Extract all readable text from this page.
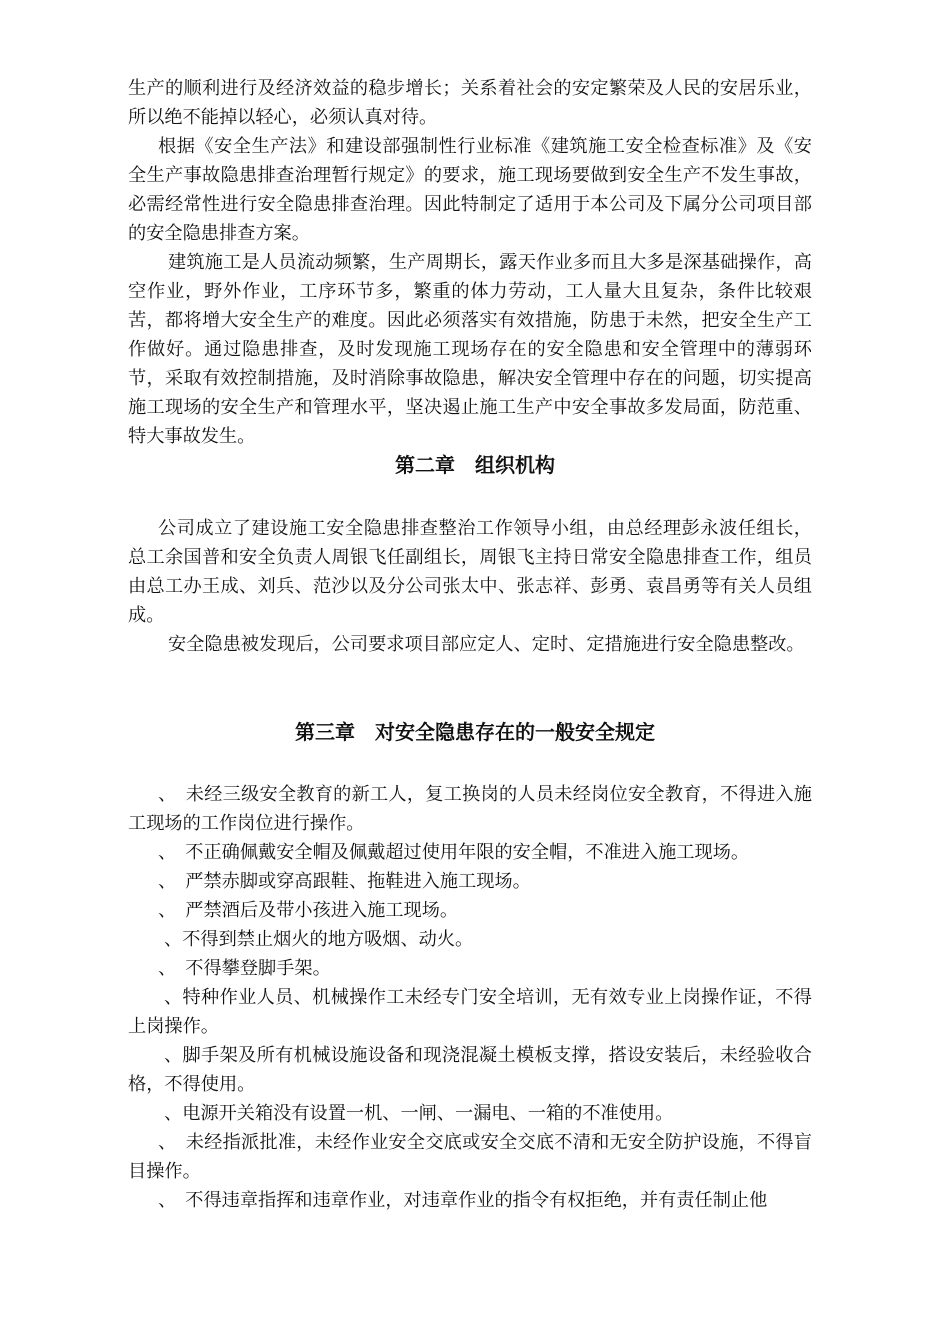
生产的顺利进行及经济效益的稳步增长；关系着社会的安定繁荣及人民的安居乐业，所以绝不能掉以轻心，必须认真对待。

根据《安全生产法》和建设部强制性行业标准《建筑施工安全检查标准》及《安全生产事故隐患排查治理暂行规定》的要求，施工现场要做到安全生产不发生事故，必需经常性进行安全隐患排查治理。因此特制定了适用于本公司及下属分公司项目部的安全隐患排查方案。

建筑施工是人员流动频繁，生产周期长，露天作业多而且大多是深基础操作，高空作业，野外作业，工序环节多，繁重的体力劳动，工人量大且复杂，条件比较艰苦，都将增大安全生产的难度。因此必须落实有效措施，防患于未然，把安全生产工作做好。通过隐患排查，及时发现施工现场存在的安全隐患和安全管理中的薄弱环节，采取有效控制措施，及时消除事故隐患，解决安全管理中存在的问题，切实提高施工现场的安全生产和管理水平，坚决遏止施工生产中安全事故多发局面，防范重、特大事故发生。

第二章　组织机构

公司成立了建设施工安全隐患排查整治工作领导小组，由总经理彭永波任组长，总工余国普和安全负责人周银飞任副组长，周银飞主持日常安全隐患排查工作，组员由总工办王成、刘兵、范沙以及分公司张太中、张志祥、彭勇、袁昌勇等有关人员组成。

安全隐患被发现后，公司要求项目部应定人、定时、定措施进行安全隐患整改。

第三章　对安全隐患存在的一般安全规定

、　未经三级安全教育的新工人，复工换岗的人员未经岗位安全教育，不得进入施工现场的工作岗位进行操作。

、　不正确佩戴安全帽及佩戴超过使用年限的安全帽，不准进入施工现场。

、　严禁赤脚或穿高跟鞋、拖鞋进入施工现场。

、　严禁酒后及带小孩进入施工现场。

、不得到禁止烟火的地方吸烟、动火。

、　不得攀登脚手架。

、特种作业人员、机械操作工未经专门安全培训，无有效专业上岗操作证，不得上岗操作。

、脚手架及所有机械设施设备和现浇混凝土模板支撑，搭设安装后，未经验收合格，不得使用。

、电源开关箱没有设置一机、一闸、一漏电、一箱的不准使用。

、　未经指派批准，未经作业安全交底或安全交底不清和无安全防护设施，不得盲目操作。

、　不得违章指挥和违章作业，对违章作业的指令有权拒绝，并有责任制止他
